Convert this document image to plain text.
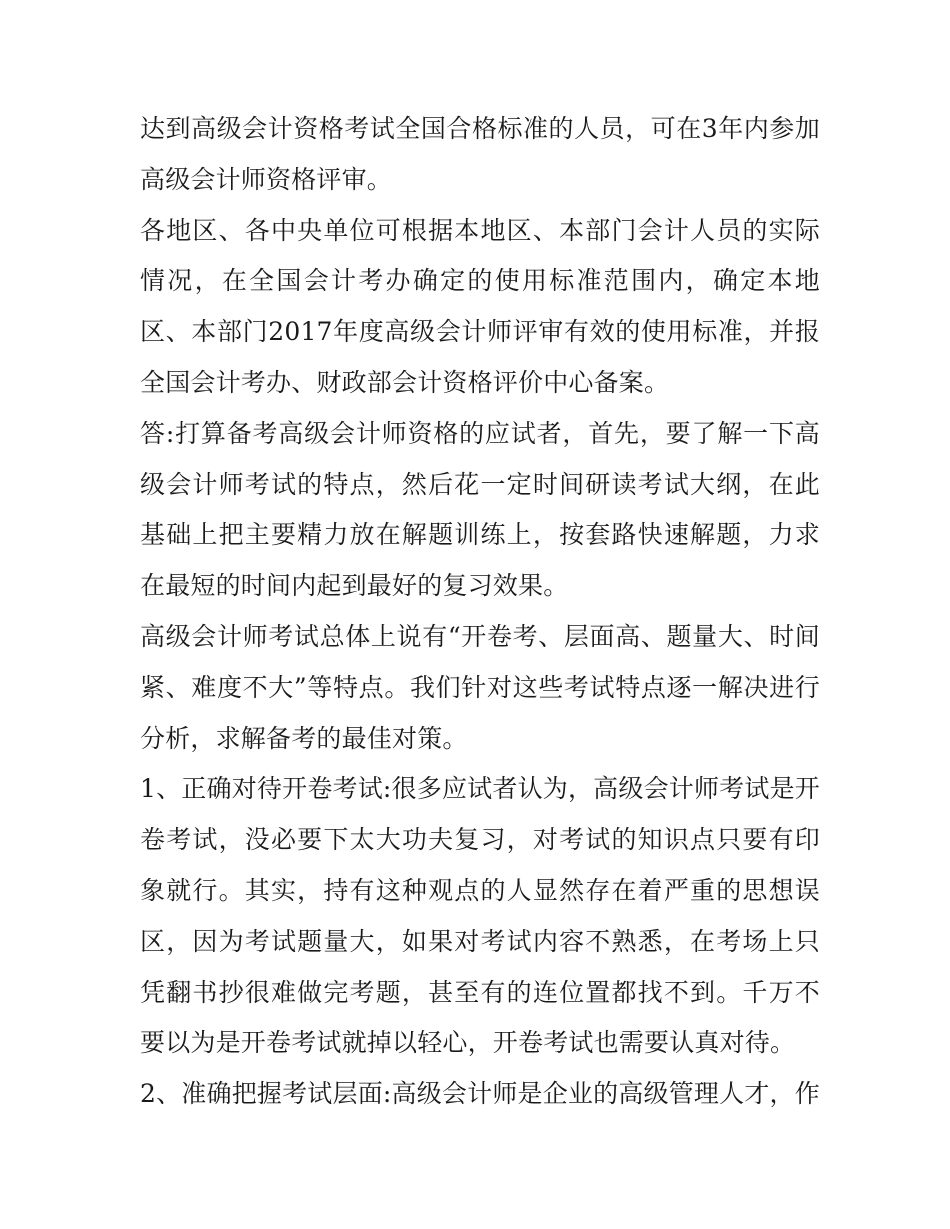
达到高级会计资格考试全国合格标准的人员，可在3年内参加高级会计师资格评审。

各地区、各中央单位可根据本地区、本部门会计人员的实际情况，在全国会计考办确定的使用标准范围内，确定本地区、本部门2017年度高级会计师评审有效的使用标准，并报全国会计考办、财政部会计资格评价中心备案。

答:打算备考高级会计师资格的应试者，首先，要了解一下高级会计师考试的特点，然后花一定时间研读考试大纲，在此基础上把主要精力放在解题训练上，按套路快速解题，力求在最短的时间内起到最好的复习效果。

高级会计师考试总体上说有“开卷考、层面高、题量大、时间紧、难度不大”等特点。我们针对这些考试特点逐一解决进行分析，求解备考的最佳对策。

1、正确对待开卷考试:很多应试者认为，高级会计师考试是开卷考试，没必要下太大功夫复习，对考试的知识点只要有印象就行。其实，持有这种观点的人显然存在着严重的思想误区，因为考试题量大，如果对考试内容不熟悉，在考场上只凭翻书抄很难做完考题，甚至有的连位置都找不到。千万不要以为是开卷考试就掉以轻心，开卷考试也需要认真对待。

2、准确把握考试层面:高级会计师是企业的高级管理人才，作
